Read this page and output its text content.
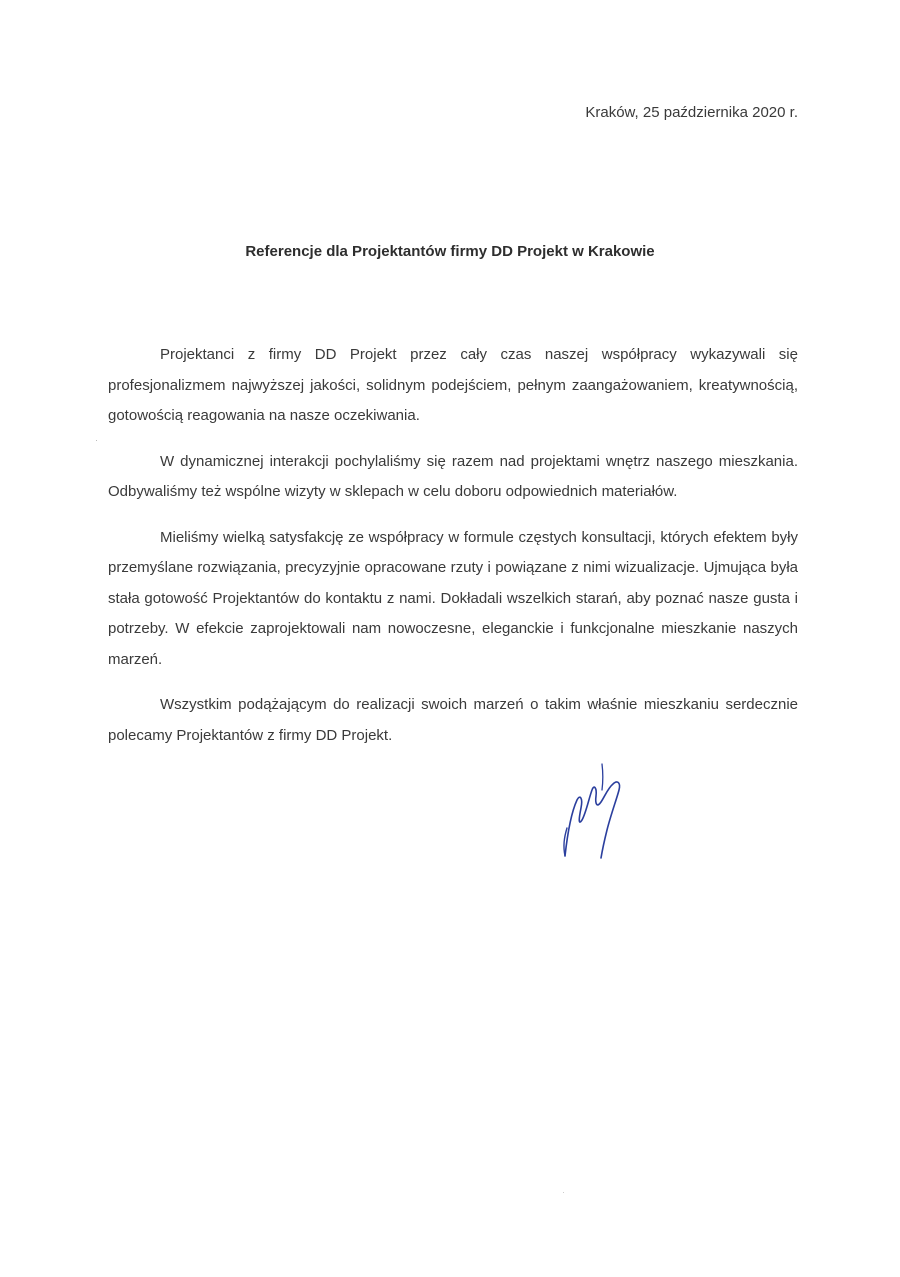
Kraków, 25 października 2020 r.
Referencje dla Projektantów firmy DD Projekt w Krakowie

Projektanci z firmy DD Projekt przez cały czas naszej współpracy wykazywali się profesjonalizmem najwyższej jakości, solidnym podejściem, pełnym zaangażowaniem, kreatywnością, gotowością reagowania na nasze oczekiwania.

W dynamicznej interakcji pochylaliśmy się razem nad projektami wnętrz naszego mieszkania. Odbywaliśmy też wspólne wizyty w sklepach w celu doboru odpowiednich materiałów.

Mieliśmy wielką satysfakcję ze współpracy w formule częstych konsultacji, których efektem były przemyślane rozwiązania, precyzyjnie opracowane rzuty i powiązane z nimi wizualizacje. Ujmująca była stała gotowość Projektantów do kontaktu z nami. Dokładali wszelkich starań, aby poznać nasze gusta i potrzeby. W efekcie zaprojektowali nam nowoczesne, eleganckie i funkcjonalne mieszkanie naszych marzeń.

Wszystkim podążającym do realizacji swoich marzeń o takim właśnie mieszkaniu serdecznie polecamy Projektantów z firmy DD Projekt.
